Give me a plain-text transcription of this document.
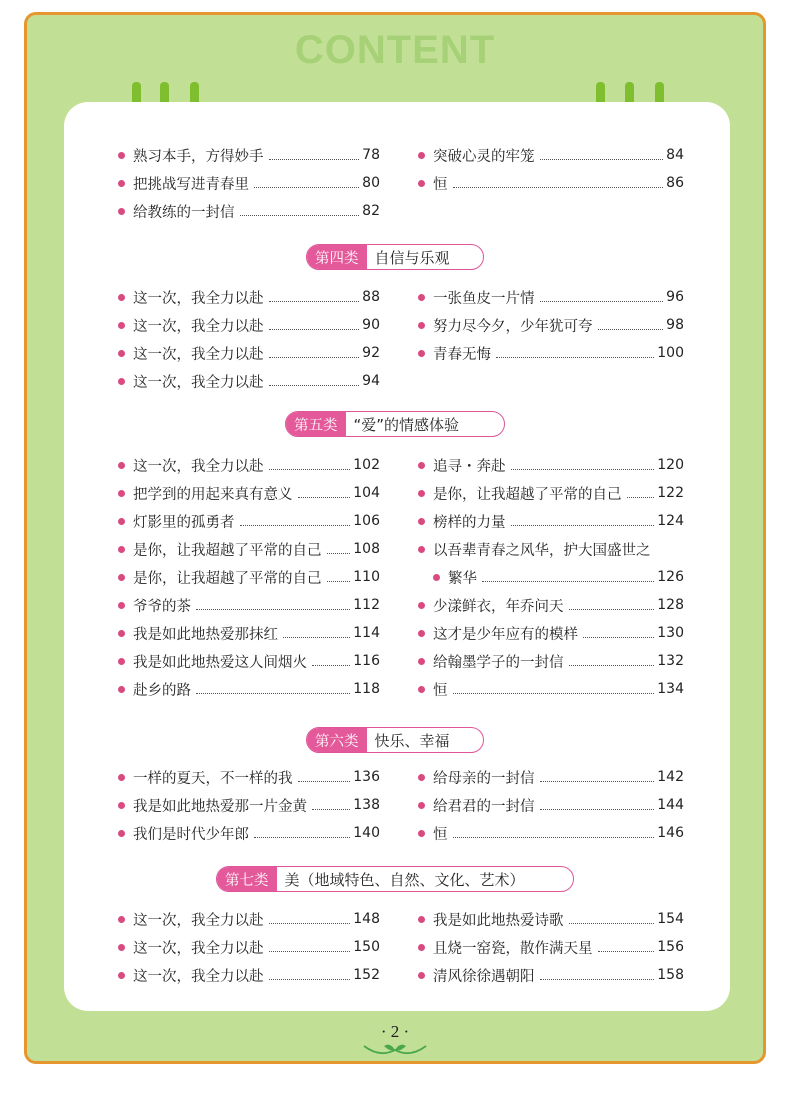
CONTENT
熟习本手，方得妙手	78
把挑战写进青春里	80
给教练的一封信	82
突破心灵的牢笼	84
恒	86
第四类	自信与乐观
这一次，我全力以赴	88
这一次，我全力以赴	90
这一次，我全力以赴	92
这一次，我全力以赴	94
一张鱼皮一片情	96
努力尽今夕，少年犹可夸	98
青春无悔	100
第五类	“爱”的情感体验
这一次，我全力以赴	102
把学到的用起来真有意义	104
灯影里的孤勇者	106
是你，让我超越了平常的自己 108
是你，让我超越了平常的自己 110
爷爷的茶	112
我是如此地热爱那抹红	114
我是如此地热爱这人间烟火	116
赴乡的路	118
追寻・奔赴	120
是你，让我超越了平常的自己	122
榜样的力量	124
以吾辈青春之风华，护大国盛世之
繁华	126
少漾鲜衣，年乔问天	128
这才是少年应有的模样	130
给翰墨学子的一封信	132
恒	134
第六类	快乐、幸福
一样的夏天，不一样的我	136
我是如此地热爱那一片金黄	138
我们是时代少年郎	140
给母亲的一封信	142
给君君的一封信	144
恒	146
第七类	美（地域特色、自然、文化、艺术）
这一次，我全力以赴	148
这一次，我全力以赴	150
这一次，我全力以赴	152
我是如此地热爱诗歌	154
且烧一窑瓷，散作满天星	156
清风徐徐遇朝阳	158
· 2 ·
